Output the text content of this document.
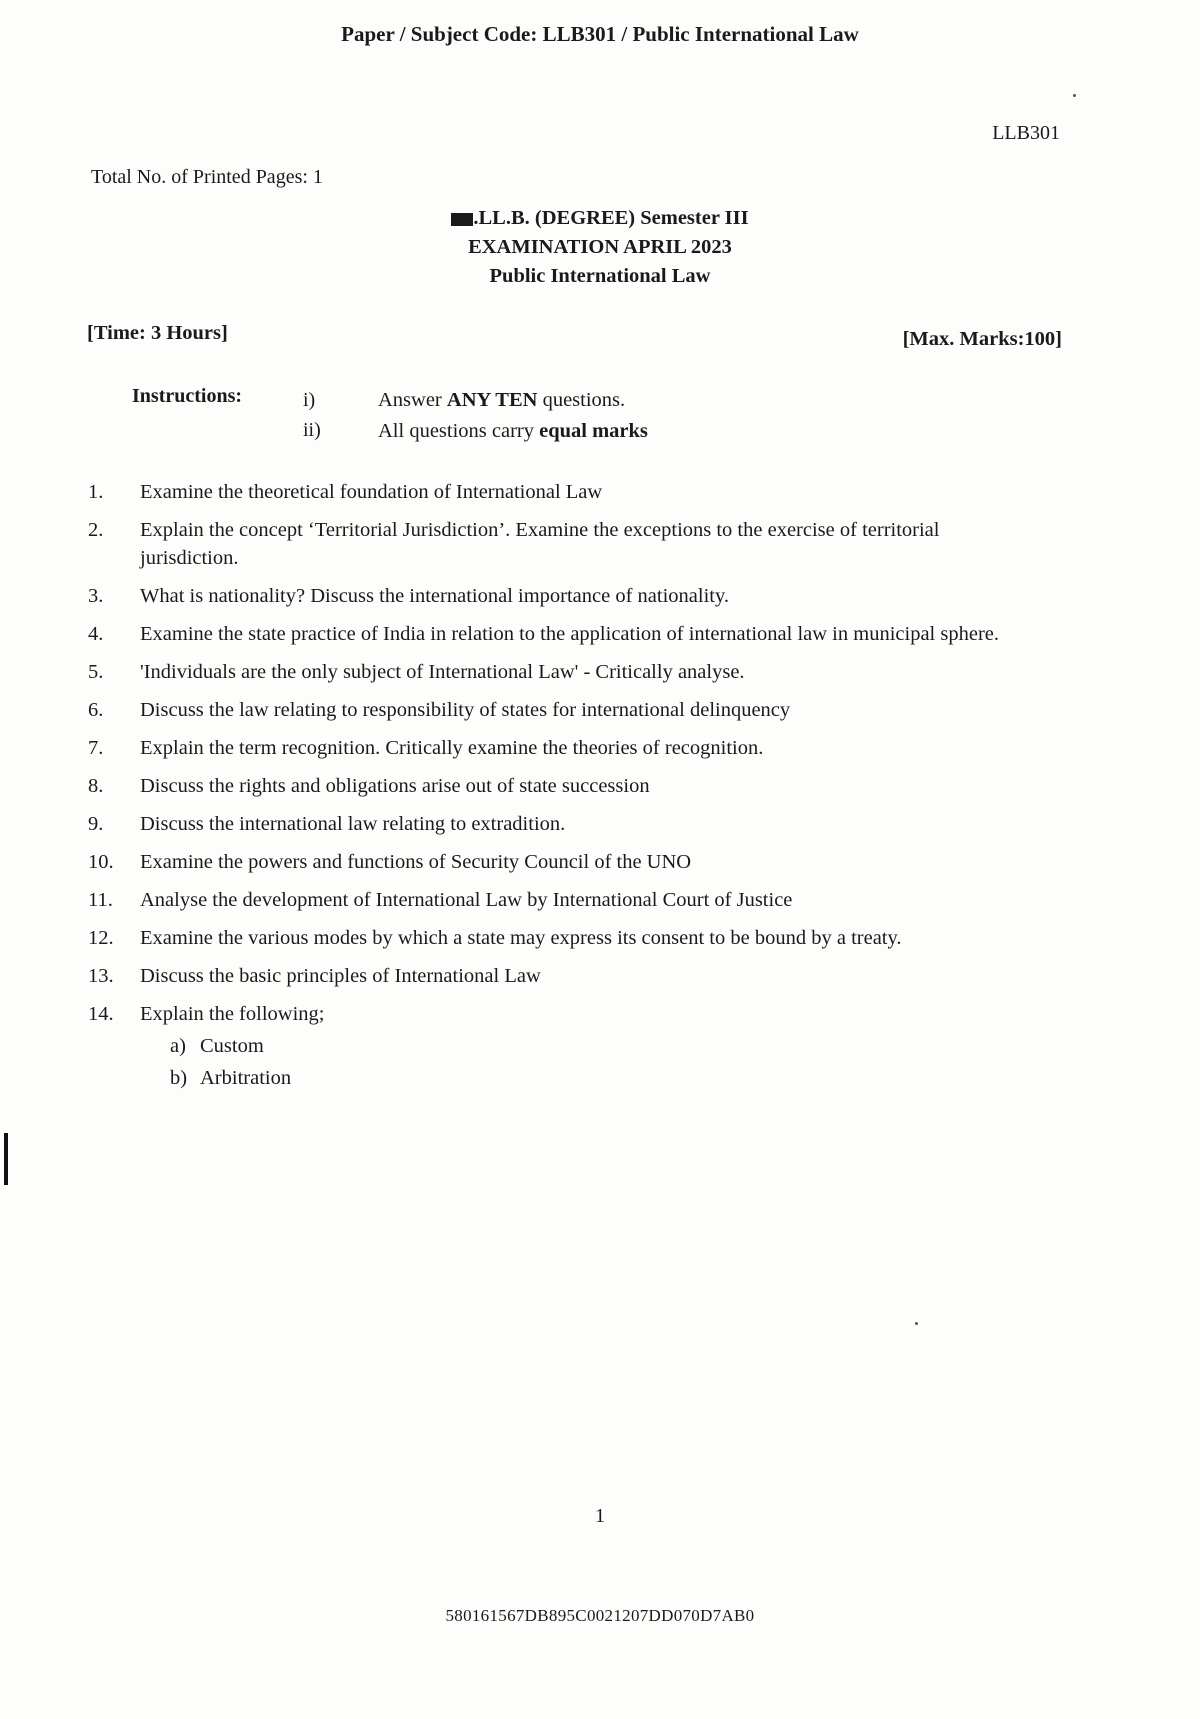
Paper / Subject Code: LLB301 / Public International Law
LLB301
Total No. of Printed Pages: 1
.LL.B. (DEGREE) Semester III
EXAMINATION APRIL 2023
Public International Law
[Time: 3 Hours]	[Max. Marks:100]
Instructions:	i)	Answer ANY TEN questions.
ii)	All questions carry equal marks
1. Examine the theoretical foundation of International Law
2. Explain the concept ‘Territorial Jurisdiction’. Examine the exceptions to the exercise of territorial jurisdiction.
3. What is nationality? Discuss the international importance of nationality.
4. Examine the state practice of India in relation to the application of international law in municipal sphere.
5. 'Individuals are the only subject of International Law' - Critically analyse.
6. Discuss the law relating to responsibility of states for international delinquency
7. Explain the term recognition. Critically examine the theories of recognition.
8. Discuss the rights and obligations arise out of state succession
9. Discuss the international law relating to extradition.
10. Examine the powers and functions of Security Council of the UNO
11. Analyse the development of International Law by International Court of Justice
12. Examine the various modes by which a state may express its consent to be bound by a treaty.
13. Discuss the basic principles of International Law
14. Explain the following;
a) Custom
b) Arbitration
1
580161567DB895C0021207DD070D7AB0
